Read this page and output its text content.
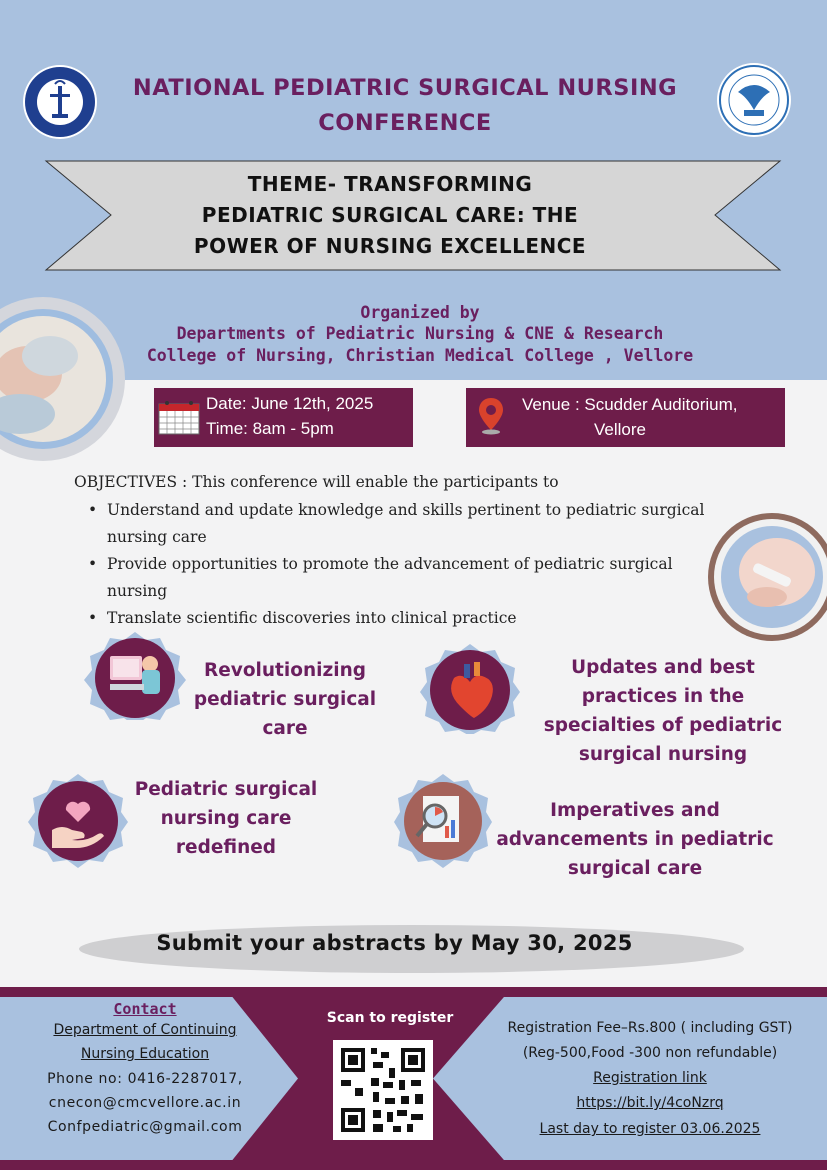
NATIONAL PEDIATRIC SURGICAL NURSING
CONFERENCE
THEME- TRANSFORMING
PEDIATRIC SURGICAL CARE: THE
POWER OF NURSING EXCELLENCE
Organized by
Departments of Pediatric Nursing & CNE & Research
College of Nursing, Christian Medical College , Vellore
Date: June 12th, 2025
Time: 8am - 5pm
Venue : Scudder Auditorium,
Vellore
OBJECTIVES : This conference will enable the participants to
• Understand and update knowledge and skills pertinent to pediatric surgical
nursing care
• Provide opportunities to promote the advancement of pediatric surgical
nursing
• Translate scientific discoveries into clinical practice
Revolutionizing
pediatric surgical
care
Updates and best
practices in the
specialties of pediatric
surgical nursing
Pediatric surgical
nursing care
redefined
Imperatives and
advancements in pediatric
surgical care
Submit your abstracts by May 30, 2025
Contact
Department of Continuing
Nursing Education
Phone no: 0416-2287017,
cnecon@cmcvellore.ac.in
Confpediatric@gmail.com
Scan to register
Registration Fee–Rs.800 ( including GST)
(Reg-500,Food -300 non refundable)
Registration link
https://bit.ly/4coNzrq
Last day to register 03.06.2025
